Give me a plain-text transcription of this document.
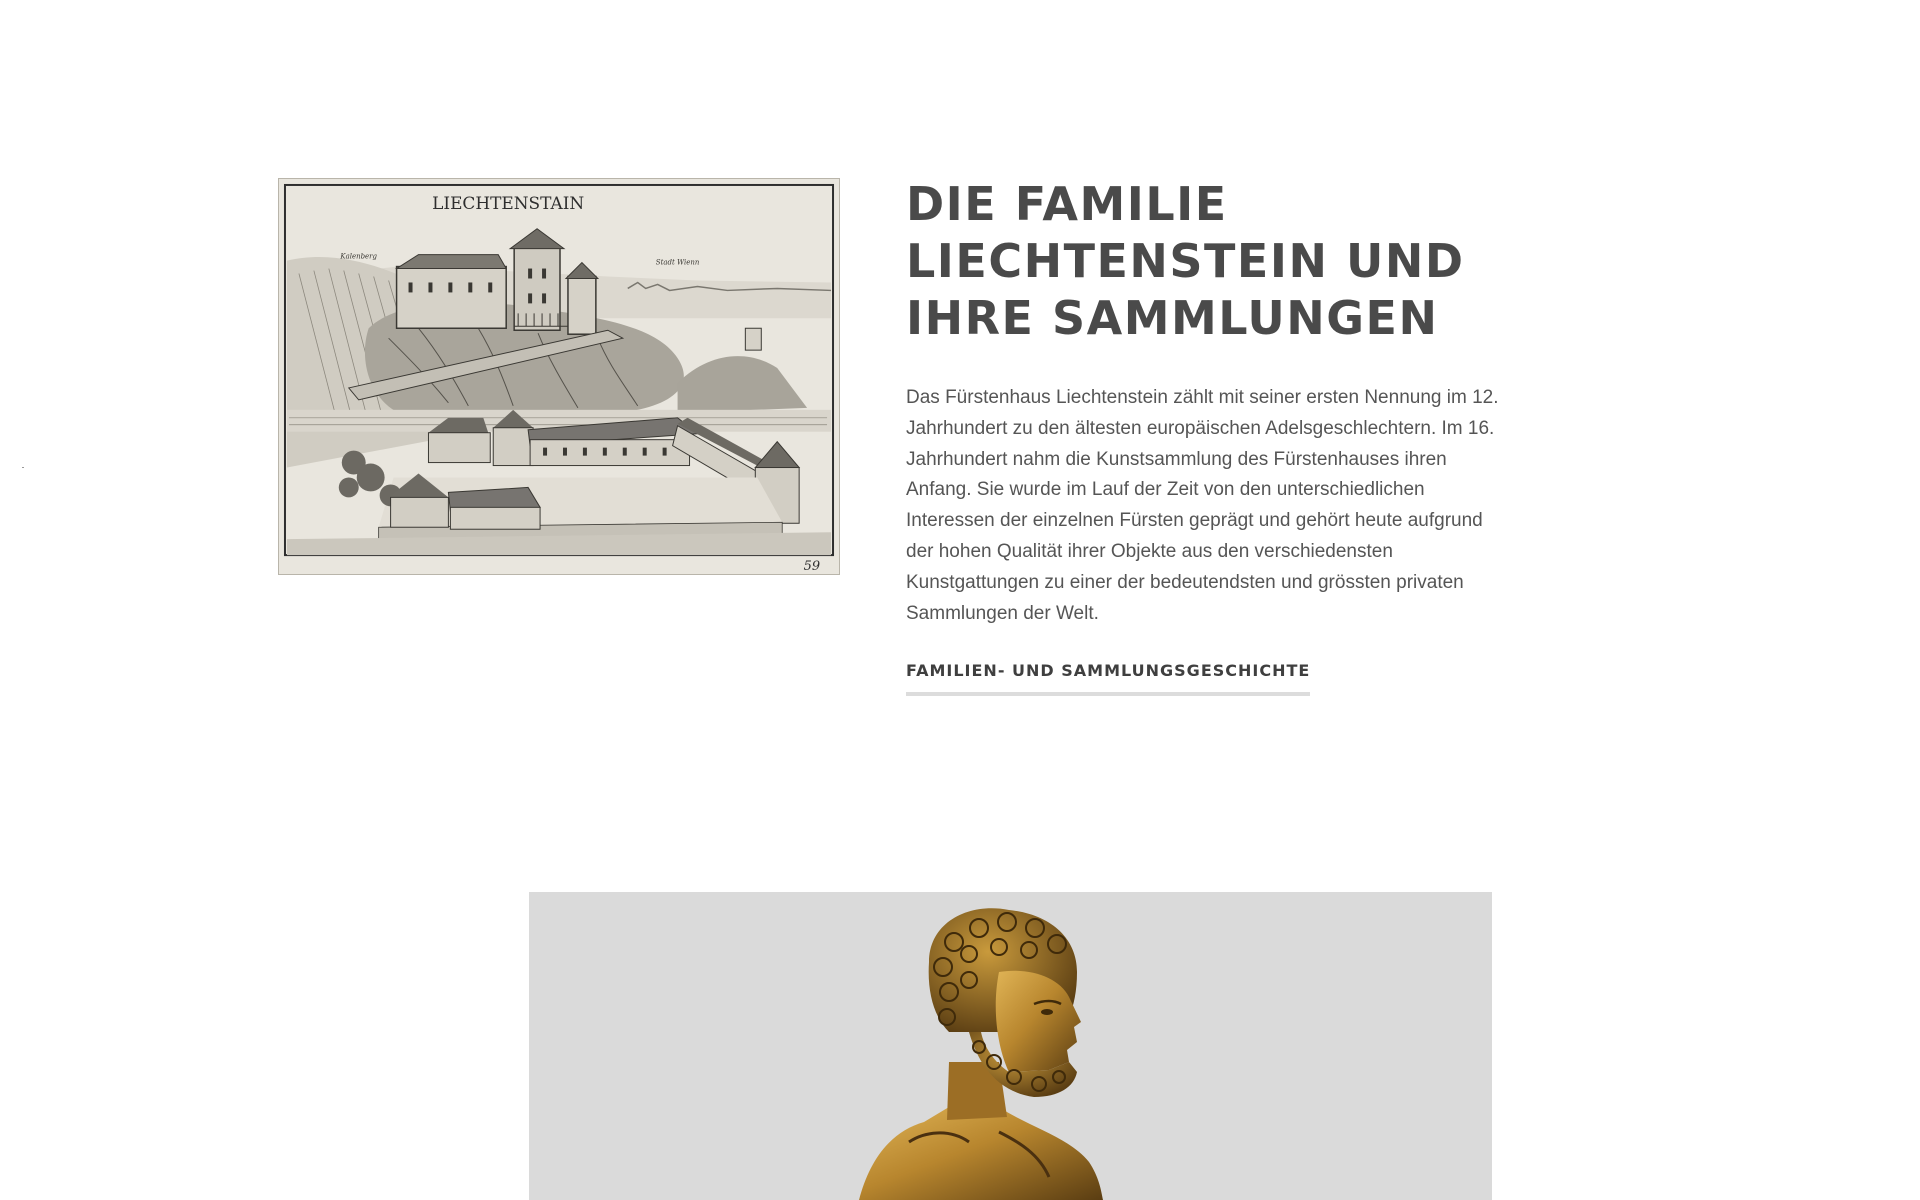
LIECHTENSTAIN
Kalenberg
Stadt Wienn
59
DIE FAMILIE
LIECHTENSTEIN UND
IHRE SAMMLUNGEN

Das Fürstenhaus Liechtenstein zählt mit seiner ersten Nennung im 12. Jahrhundert zu den ältesten europäischen Adelsgeschlechtern. Im 16. Jahrhundert nahm die Kunstsammlung des Fürstenhauses ihren Anfang. Sie wurde im Lauf der Zeit von den unterschiedlichen Interessen der einzelnen Fürsten geprägt und gehört heute aufgrund der hohen Qualität ihrer Objekte aus den verschiedensten Kunstgattungen zu einer der bedeutendsten und grössten privaten Sammlungen der Welt.

FAMILIEN- UND SAMMLUNGSGESCHICHTE
